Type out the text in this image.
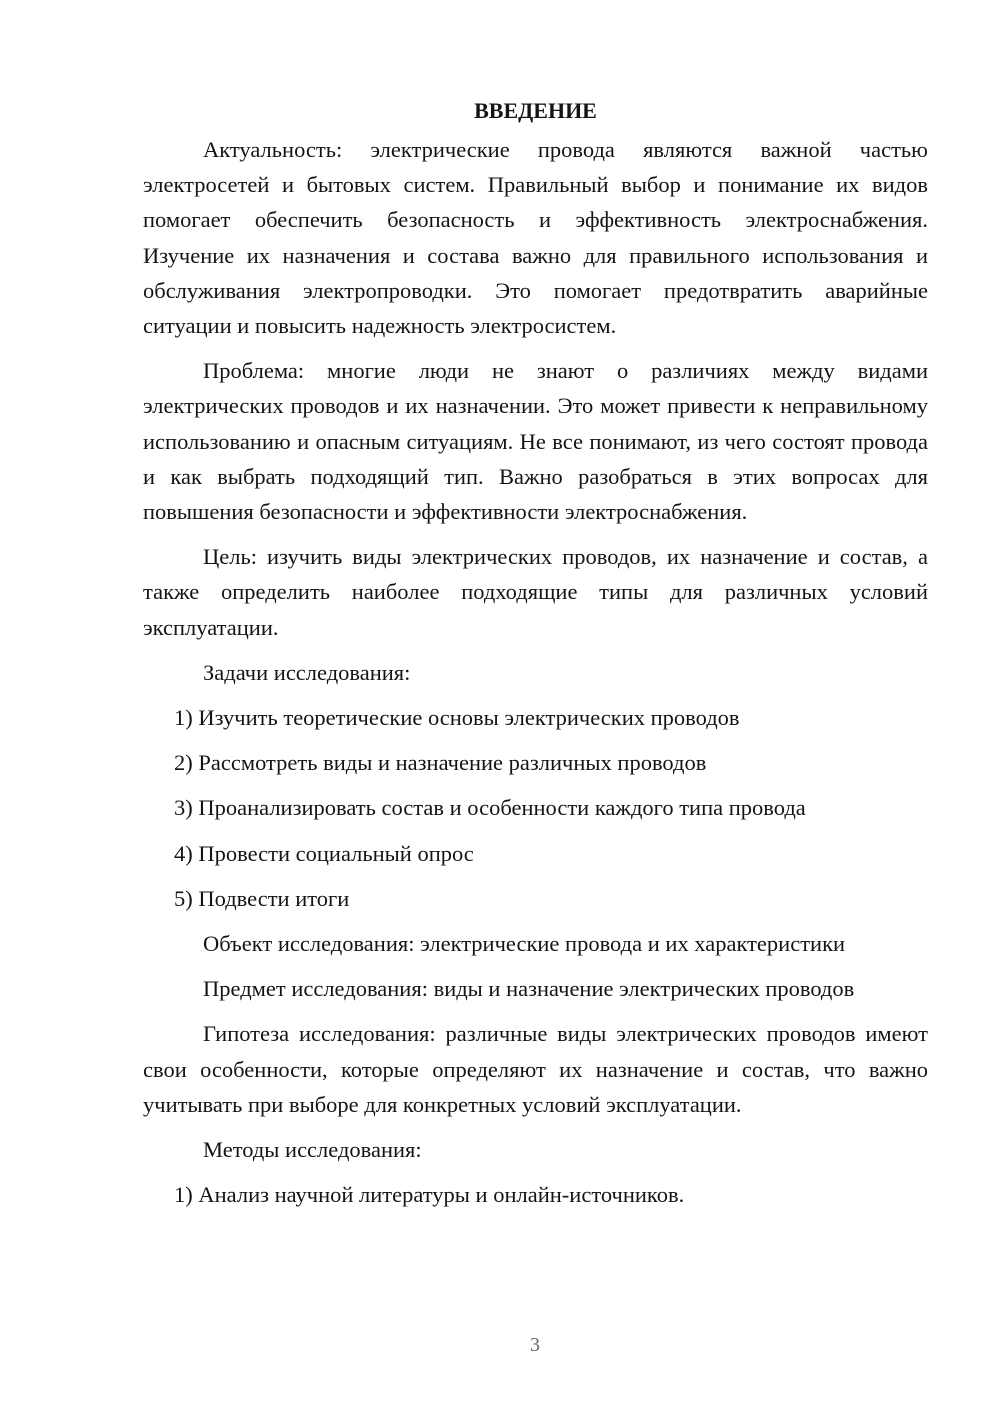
ВВЕДЕНИЕ

Актуальность: электрические провода являются важной частью электросетей и бытовых систем. Правильный выбор и понимание их видов помогает обеспечить безопасность и эффективность электроснабжения. Изучение их назначения и состава важно для правильного использования и обслуживания электропроводки. Это помогает предотвратить аварийные ситуации и повысить надежность электросистем.

Проблема: многие люди не знают о различиях между видами электрических проводов и их назначении. Это может привести к неправильному использованию и опасным ситуациям. Не все понимают, из чего состоят провода и как выбрать подходящий тип. Важно разобраться в этих вопросах для повышения безопасности и эффективности электроснабжения.

Цель: изучить виды электрических проводов, их назначение и состав, а также определить наиболее подходящие типы для различных условий эксплуатации.

Задачи исследования:
1) Изучить теоретические основы электрических проводов
2) Рассмотреть виды и назначение различных проводов
3) Проанализировать состав и особенности каждого типа провода
4) Провести социальный опрос
5) Подвести итоги
Объект исследования: электрические провода и их характеристики
Предмет исследования: виды и назначение электрических проводов

Гипотеза исследования: различные виды электрических проводов имеют свои особенности, которые определяют их назначение и состав, что важно учитывать при выборе для конкретных условий эксплуатации.

Методы исследования:
1) Анализ научной литературы и онлайн-источников.
3
